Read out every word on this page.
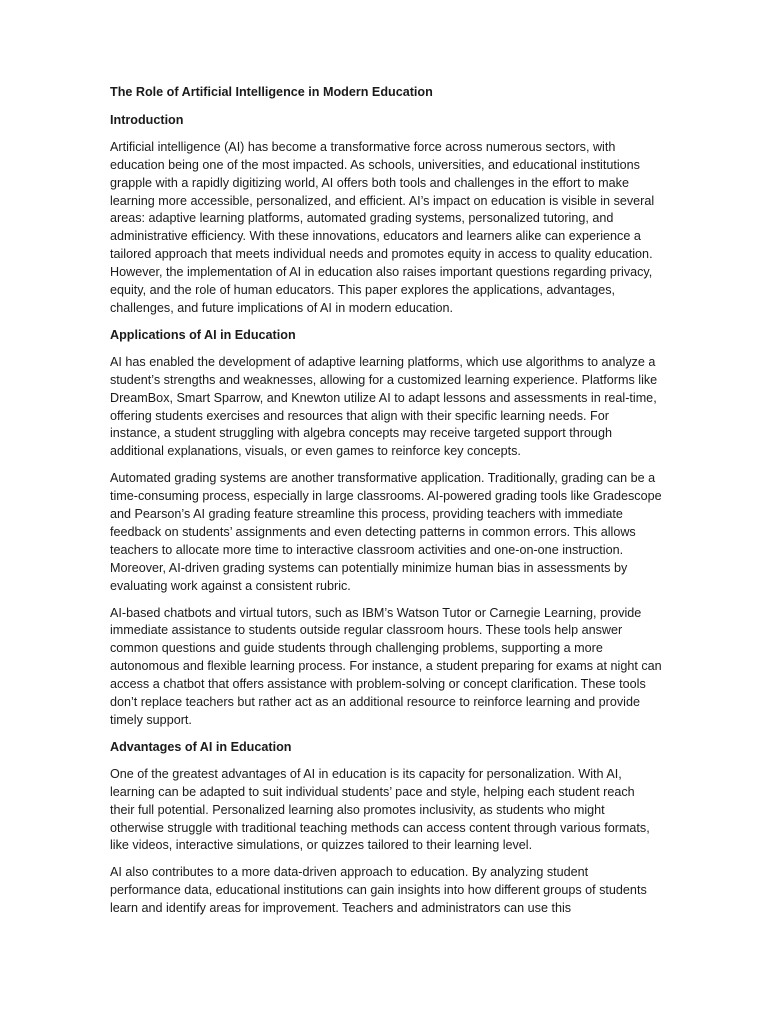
The Role of Artificial Intelligence in Modern Education
Introduction

Artificial intelligence (AI) has become a transformative force across numerous sectors, with education being one of the most impacted. As schools, universities, and educational institutions grapple with a rapidly digitizing world, AI offers both tools and challenges in the effort to make learning more accessible, personalized, and efficient. AI’s impact on education is visible in several areas: adaptive learning platforms, automated grading systems, personalized tutoring, and administrative efficiency. With these innovations, educators and learners alike can experience a tailored approach that meets individual needs and promotes equity in access to quality education. However, the implementation of AI in education also raises important questions regarding privacy, equity, and the role of human educators. This paper explores the applications, advantages, challenges, and future implications of AI in modern education.

Applications of AI in Education

AI has enabled the development of adaptive learning platforms, which use algorithms to analyze a student’s strengths and weaknesses, allowing for a customized learning experience. Platforms like DreamBox, Smart Sparrow, and Knewton utilize AI to adapt lessons and assessments in real-time, offering students exercises and resources that align with their specific learning needs. For instance, a student struggling with algebra concepts may receive targeted support through additional explanations, visuals, or even games to reinforce key concepts.

Automated grading systems are another transformative application. Traditionally, grading can be a time-consuming process, especially in large classrooms. AI-powered grading tools like Gradescope and Pearson’s AI grading feature streamline this process, providing teachers with immediate feedback on students’ assignments and even detecting patterns in common errors. This allows teachers to allocate more time to interactive classroom activities and one-on-one instruction. Moreover, AI-driven grading systems can potentially minimize human bias in assessments by evaluating work against a consistent rubric.

AI-based chatbots and virtual tutors, such as IBM’s Watson Tutor or Carnegie Learning, provide immediate assistance to students outside regular classroom hours. These tools help answer common questions and guide students through challenging problems, supporting a more autonomous and flexible learning process. For instance, a student preparing for exams at night can access a chatbot that offers assistance with problem-solving or concept clarification. These tools don’t replace teachers but rather act as an additional resource to reinforce learning and provide timely support.

Advantages of AI in Education

One of the greatest advantages of AI in education is its capacity for personalization. With AI, learning can be adapted to suit individual students’ pace and style, helping each student reach their full potential. Personalized learning also promotes inclusivity, as students who might otherwise struggle with traditional teaching methods can access content through various formats, like videos, interactive simulations, or quizzes tailored to their learning level.

AI also contributes to a more data-driven approach to education. By analyzing student performance data, educational institutions can gain insights into how different groups of students learn and identify areas for improvement. Teachers and administrators can use this
